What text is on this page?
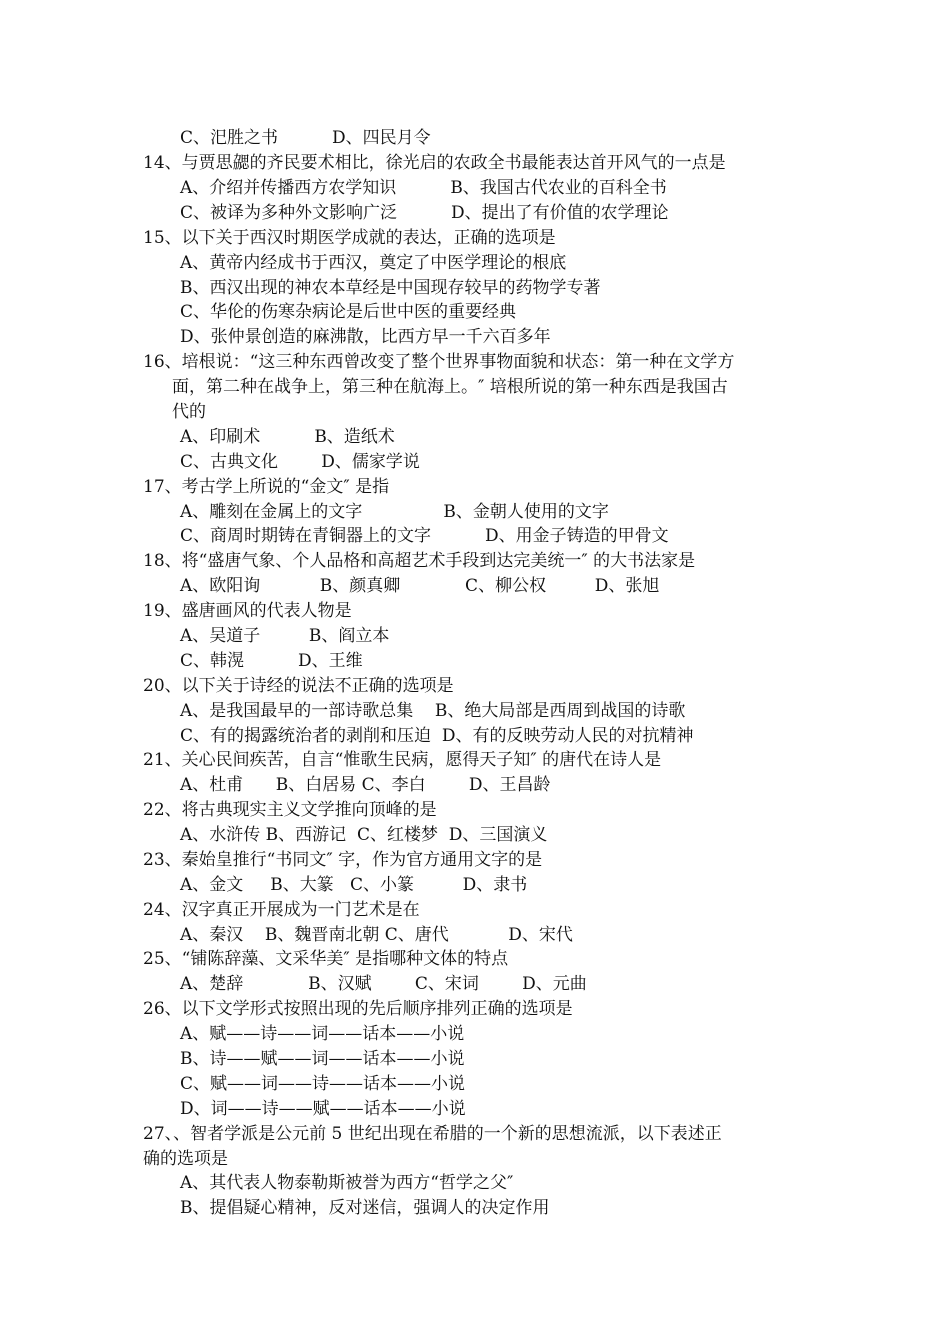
C、汜胜之书          D、四民月令
14、与贾思勰的齐民要术相比，徐光启的农政全书最能表达首开风气的一点是
A、介绍并传播西方农学知识          B、我国古代农业的百科全书
C、被译为多种外文影响广泛          D、提出了有价值的农学理论
15、以下关于西汉时期医学成就的表达，正确的选项是
A、黄帝内经成书于西汉，奠定了中医学理论的根底
B、西汉出现的神农本草经是中国现存较早的药物学专著
C、华伦的伤寒杂病论是后世中医的重要经典
D、张仲景创造的麻沸散，比西方早一千六百多年
16、培根说：“这三种东西曾改变了整个世界事物面貌和状态：第一种在文学方
面，第二种在战争上，第三种在航海上。″ 培根所说的第一种东西是我国古
代的
A、印刷术          B、造纸术
C、古典文化        D、儒家学说
17、考古学上所说的“金文″ 是指
A、雕刻在金属上的文字               B、金朝人使用的文字
C、商周时期铸在青铜器上的文字          D、用金子铸造的甲骨文
18、将“盛唐气象、个人品格和高超艺术手段到达完美统一″ 的大书法家是
A、欧阳询           B、颜真卿            C、柳公权         D、张旭
19、盛唐画风的代表人物是
A、吴道子         B、阎立本
C、韩滉          D、王维
20、以下关于诗经的说法不正确的选项是
A、是我国最早的一部诗歌总集    B、绝大局部是西周到战国的诗歌
C、有的揭露统治者的剥削和压迫  D、有的反映劳动人民的对抗精神
21、关心民间疾苦，自言“惟歌生民病，愿得天子知″ 的唐代在诗人是
A、杜甫      B、白居易 C、李白        D、王昌龄
22、将古典现实主义文学推向顶峰的是
A、水浒传 B、西游记  C、红楼梦  D、三国演义
23、秦始皇推行“书同文″ 字，作为官方通用文字的是
A、金文     B、大篆   C、小篆         D、隶书
24、汉字真正开展成为一门艺术是在
A、秦汉    B、魏晋南北朝 C、唐代           D、宋代
25、“铺陈辞藻、文采华美″ 是指哪种文体的特点
A、楚辞            B、汉赋        C、宋词        D、元曲
26、以下文学形式按照出现的先后顺序排列正确的选项是
A、赋——诗——词——话本——小说
B、诗——赋——词——话本——小说
C、赋——词——诗——话本——小说
D、词——诗——赋——话本——小说
27、、智者学派是公元前 5 世纪出现在希腊的一个新的思想流派，以下表述正
确的选项是
A、其代表人物泰勒斯被誉为西方“哲学之父″
B、提倡疑心精神，反对迷信，强调人的决定作用
